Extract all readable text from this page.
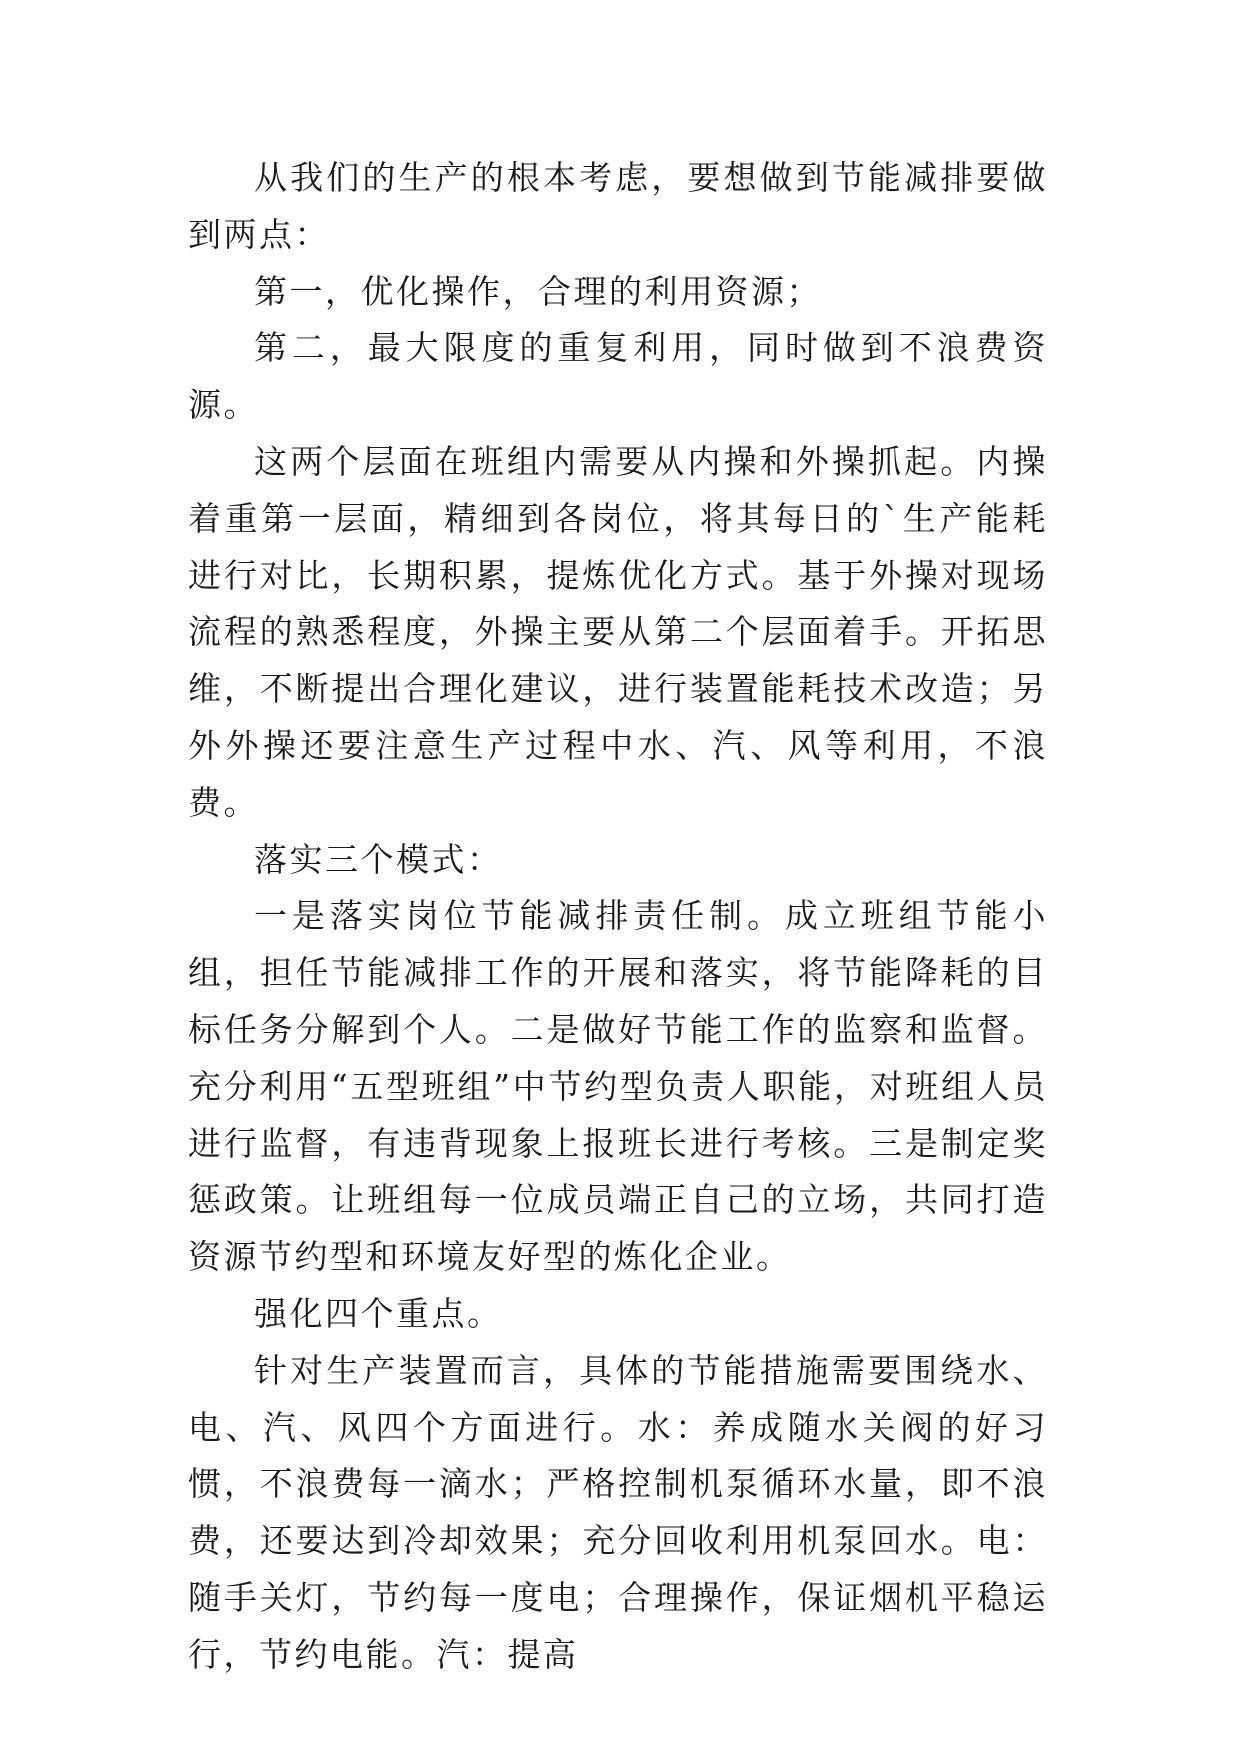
从我们的生产的根本考虑，要想做到节能减排要做到两点：

第一，优化操作，合理的利用资源；

第二，最大限度的重复利用，同时做到不浪费资源。

这两个层面在班组内需要从内操和外操抓起。内操着重第一层面，精细到各岗位，将其每日的`生产能耗进行对比，长期积累，提炼优化方式。基于外操对现场流程的熟悉程度，外操主要从第二个层面着手。开拓思维，不断提出合理化建议，进行装置能耗技术改造；另外外操还要注意生产过程中水、汽、风等利用，不浪费。

落实三个模式：

一是落实岗位节能减排责任制。成立班组节能小组，担任节能减排工作的开展和落实，将节能降耗的目标任务分解到个人。二是做好节能工作的监察和监督。充分利用“五型班组”中节约型负责人职能，对班组人员进行监督，有违背现象上报班长进行考核。三是制定奖惩政策。让班组每一位成员端正自己的立场，共同打造资源节约型和环境友好型的炼化企业。

强化四个重点。

针对生产装置而言，具体的节能措施需要围绕水、电、汽、风四个方面进行。水：养成随水关阀的好习惯，不浪费每一滴水；严格控制机泵循环水量，即不浪费，还要达到冷却效果；充分回收利用机泵回水。电：随手关灯，节约每一度电；合理操作，保证烟机平稳运行，节约电能。汽：提高
